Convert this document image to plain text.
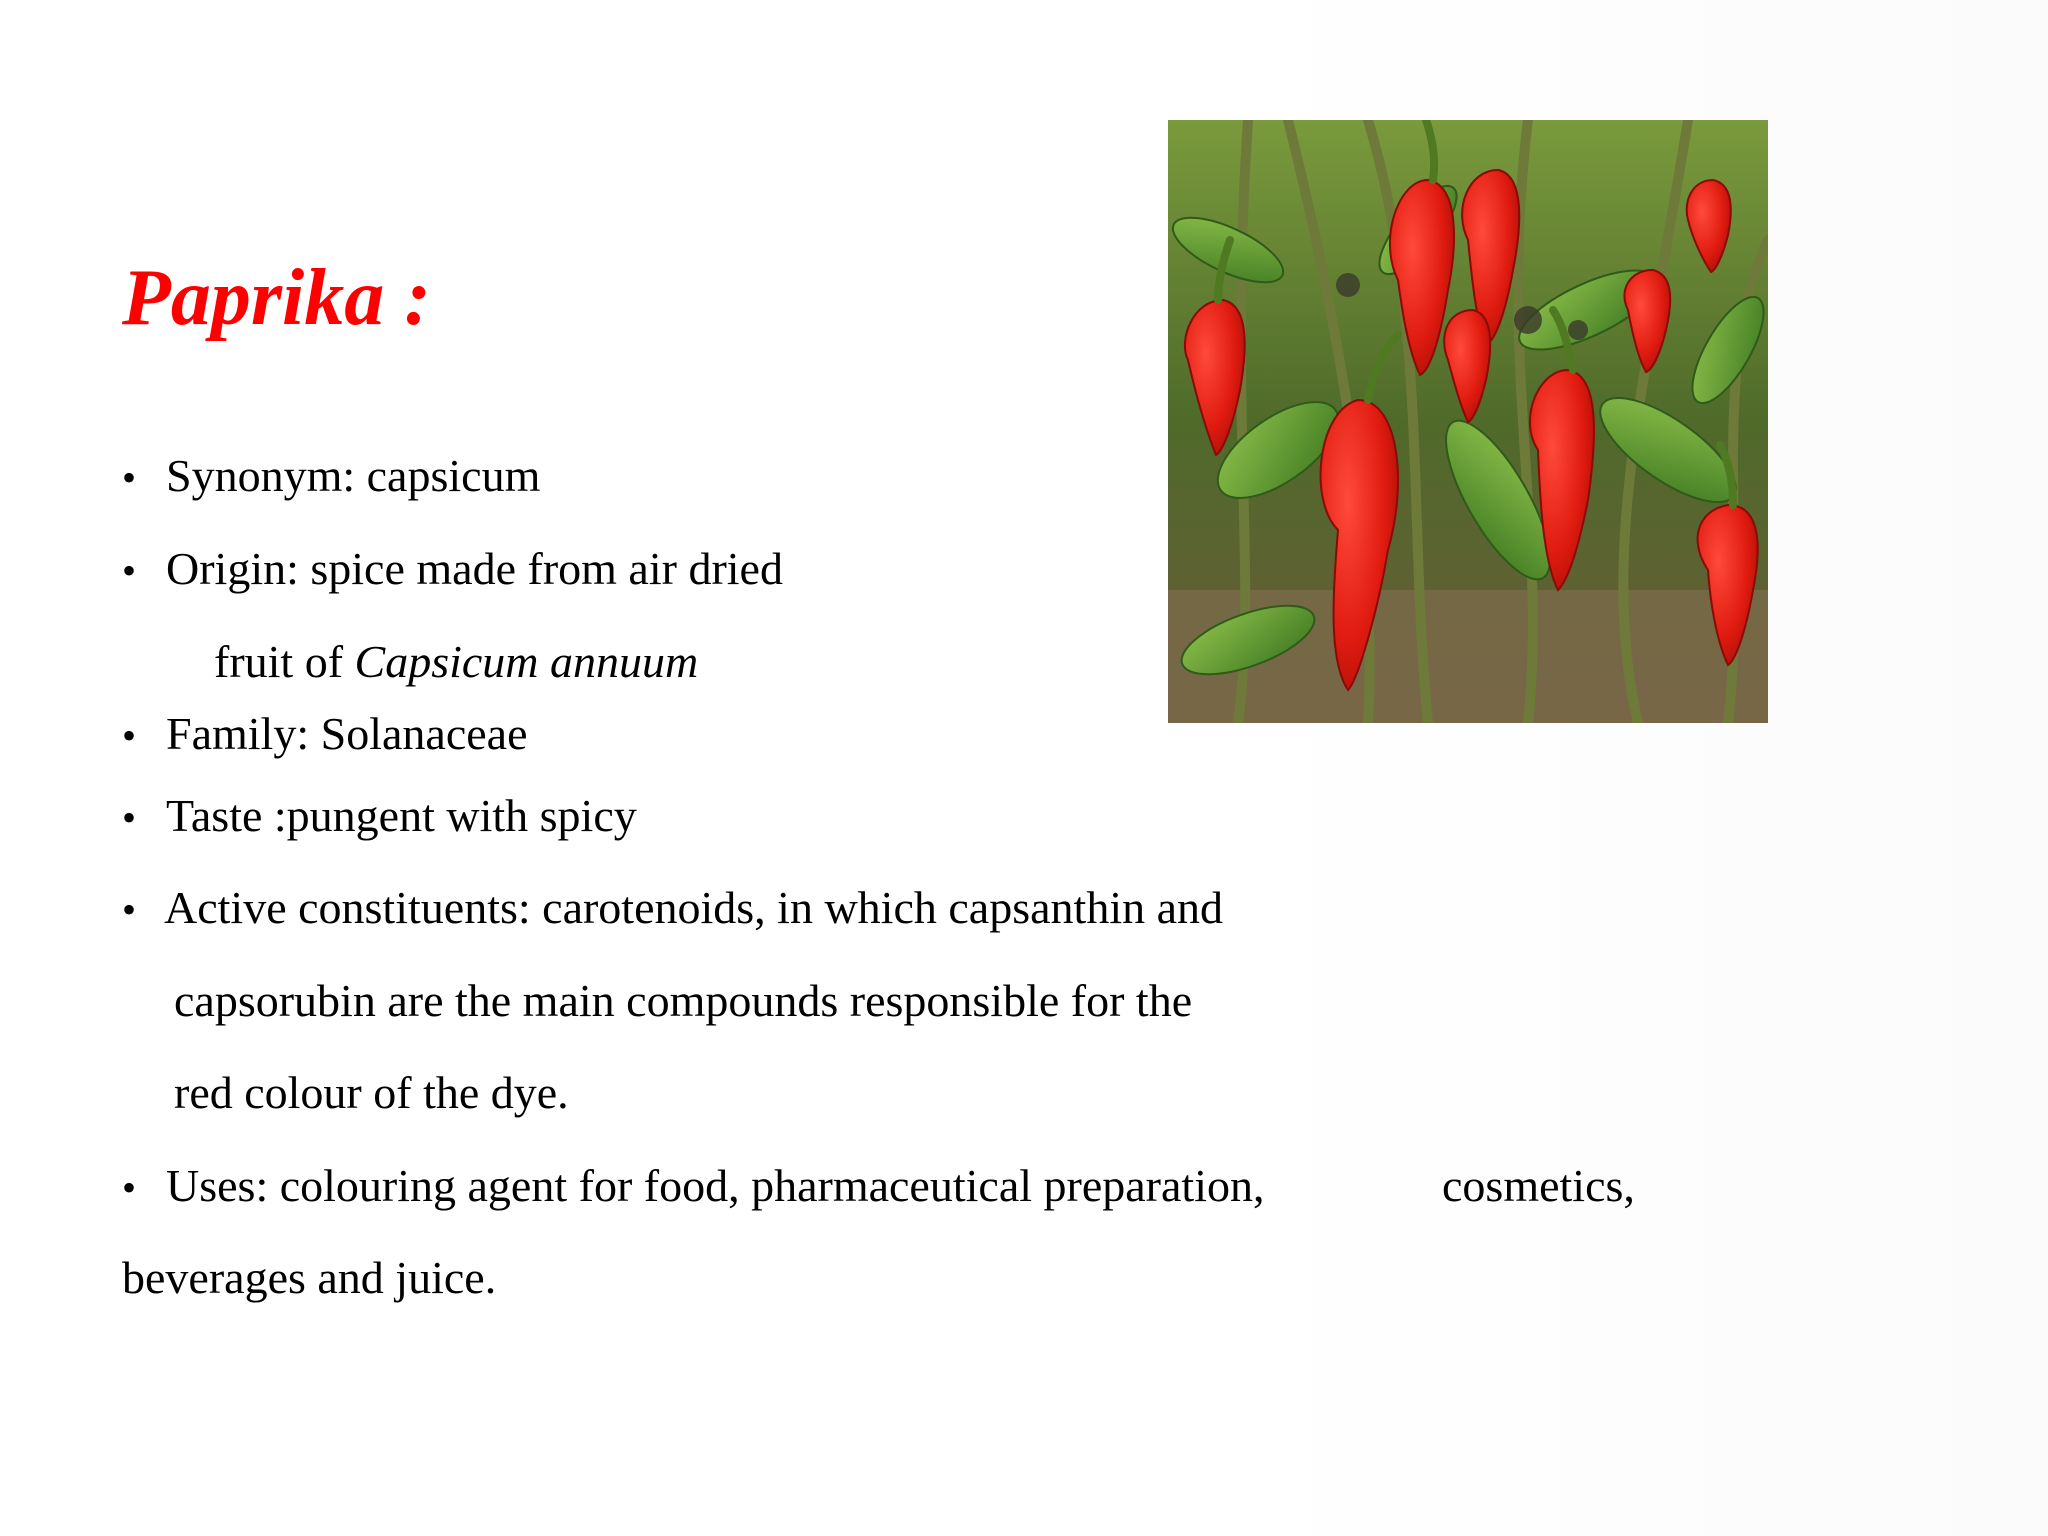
Paprika :
• Synonym: capsicum
• Origin: spice made from air dried
fruit of Capsicum annuum
• Family: Solanaceae
• Taste :pungent with spicy
• Active constituents: carotenoids, in which capsanthin and
capsorubin are the main compounds responsible for the
red colour of the dye.
• Uses: colouring agent for food, pharmaceutical preparation,	cosmetics,
beverages and juice.
